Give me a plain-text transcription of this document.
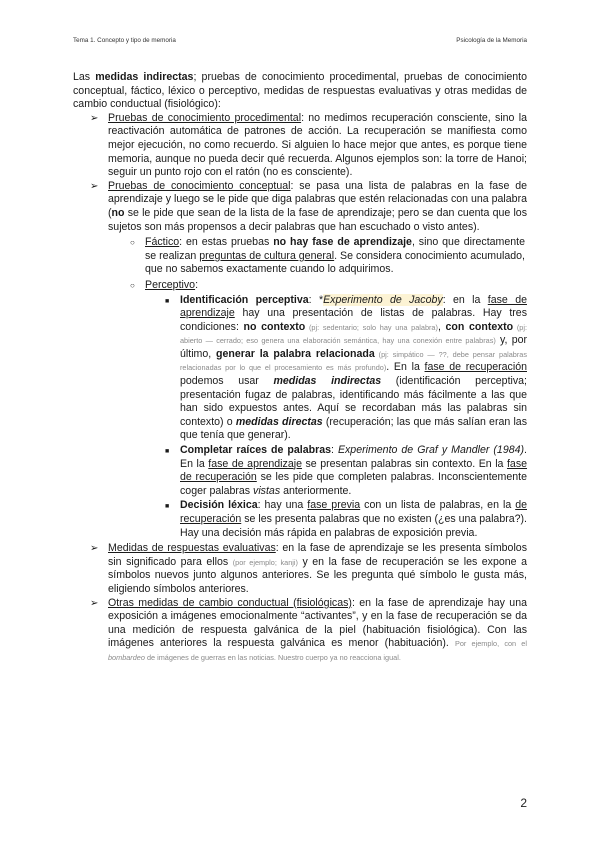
Tema 1. Concepto y tipo de memoria	Psicología de la Memoria

Las medidas indirectas; pruebas de conocimiento procedimental, pruebas de conocimiento conceptual, fáctico, léxico o perceptivo, medidas de respuestas evaluativas y otras medidas de cambio conductual (fisiológico):

➢ Pruebas de conocimiento procedimental: no medimos recuperación consciente, sino la reactivación automática de patrones de acción. La recuperación se manifiesta como mejor ejecución, no como recuerdo. Si alguien lo hace mejor que antes, es porque tiene memoria, aunque no pueda decir qué recuerda. Algunos ejemplos son: la torre de Hanoi; seguir un punto rojo con el ratón (no es consciente).
➢ Pruebas de conocimiento conceptual: se pasa una lista de palabras en la fase de aprendizaje y luego se le pide que diga palabras que estén relacionadas con una palabra (no se le pide que sean de la lista de la fase de aprendizaje; pero se dan cuenta que los sujetos son más propensos a decir palabras que han escuchado o visto antes).
○ Fáctico: en estas pruebas no hay fase de aprendizaje, sino que directamente se realizan preguntas de cultura general. Se considera conocimiento acumulado, que no sabemos exactamente cuando lo adquirimos.
○ Perceptivo:
■ Identificación perceptiva: *Experimento de Jacoby: en la fase de aprendizaje hay una presentación de listas de palabras. Hay tres condiciones: no contexto (pj: sedentario; solo hay una palabra), con contexto (pj: abierto — cerrado; eso genera una elaboración semántica, hay una conexión entre palabras) y, por último, generar la palabra relacionada (pj: simpático — ??, debe pensar palabras relacionadas por lo que el procesamiento es más profundo). En la fase de recuperación podemos usar medidas indirectas (identificación perceptiva; presentación fugaz de palabras, identificando más fácilmente a las que han sido expuestos antes. Aquí se recordaban más las palabras sin contexto) o medidas directas (recuperación; las que más salían eran las que tenía que generar).
■ Completar raíces de palabras: Experimento de Graf y Mandler (1984). En la fase de aprendizaje se presentan palabras sin contexto. En la fase de recuperación se les pide que completen palabras. Inconscientemente coger palabras vistas anteriormente.
■ Decisión léxica: hay una fase previa con un lista de palabras, en la de recuperación se les presenta palabras que no existen (¿es una palabra?). Hay una decisión más rápida en palabras de exposición previa.
➢ Medidas de respuestas evaluativas: en la fase de aprendizaje se les presenta símbolos sin significado para ellos (por ejemplo; kanji) y en la fase de recuperación se les expone a símbolos nuevos junto algunos anteriores. Se les pregunta qué símbolo le gusta más, eligiendo símbolos anteriores.
➢ Otras medidas de cambio conductual (fisiológicas): en la fase de aprendizaje hay una exposición a imágenes emocionalmente “activantes”, y en la fase de recuperación se da una medición de respuesta galvánica de la piel (habituación fisiológica). Con las imágenes anteriores la respuesta galvánica es menor (habituación). Por ejemplo, con el bombardeo de imágenes de guerras en las noticias. Nuestro cuerpo ya no reacciona igual.
2
